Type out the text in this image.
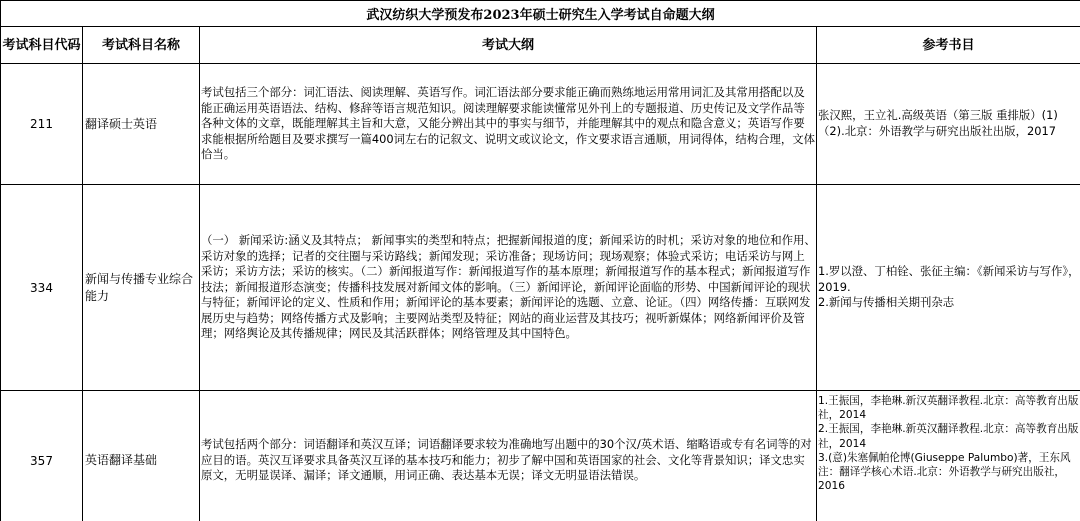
武汉纺织大学预发布2023年硕士研究生入学考试自命题大纲			
考试科目代码	考试科目名称	考试大纲	参考书目
211	翻译硕士英语	考试包括三个部分：词汇语法、阅读理解、英语写作。词汇语法部分要求能正确而熟练地运用常用词汇及其常用搭配以及能正确运用英语语法、结构、修辞等语言规范知识。阅读理解要求能读懂常见外刊上的专题报道、历史传记及文学作品等各种文体的文章，既能理解其主旨和大意，又能分辨出其中的事实与细节，并能理解其中的观点和隐含意义；英语写作要求能根据所给题目及要求撰写一篇400词左右的记叙文、说明文或议论文，作文要求语言通顺，用词得体，结构合理，文体恰当。	张汉熙，王立礼.高级英语（第三版 重排版）(1)（2).北京：外语教学与研究出版社出版，2017

334	新闻与传播专业综合能力	（一） 新闻采访:涵义及其特点； 新闻事实的类型和特点；把握新闻报道的度；新闻采访的时机；采访对象的地位和作用、采访对象的选择；记者的交往圈与采访路线；新闻发现；采访准备；现场访问；现场观察；体验式采访；电话采访与网上采访；采访方法；采访的核实。（二）新闻报道写作：新闻报道写作的基本原理；新闻报道写作的基本程式；新闻报道写作技法；新闻报道形态演变；传播科技发展对新闻文体的影响。（三）新闻评论，新闻评论面临的形势、中国新闻评论的现状与特征；新闻评论的定义、性质和作用；新闻评论的基本要素；新闻评论的选题、立意、论证。（四）网络传播：互联网发展历史与趋势；网络传播方式及影响；主要网站类型及特征；网站的商业运营及其技巧；视听新媒体；网络新闻评价及管理；网络舆论及其传播规律；网民及其活跃群体；网络管理及其中国特色。	1.罗以澄、丁柏铨、张征主编：《新闻采访与写作》，2019.
2.新闻与传播相关期刊杂志

357	英语翻译基础	考试包括两个部分：词语翻译和英汉互译；词语翻译要求较为准确地写出题中的30个汉/英术语、缩略语或专有名词等的对应目的语。英汉互译要求具备英汉互译的基本技巧和能力；初步了解中国和英语国家的社会、文化等背景知识；译文忠实原文，无明显误译、漏译；译文通顺，用词正确、表达基本无误；译文无明显语法错误。	1.王振国，李艳琳.新汉英翻译教程.北京：高等教育出版社，2014
2.王振国，李艳琳.新英汉翻译教程.北京：高等教育出版社，2014
3.(意)朱塞佩帕伦博(Giuseppe Palumbo)著，王东风注：翻译学核心术语.北京：外语教学与研究出版社，2016
